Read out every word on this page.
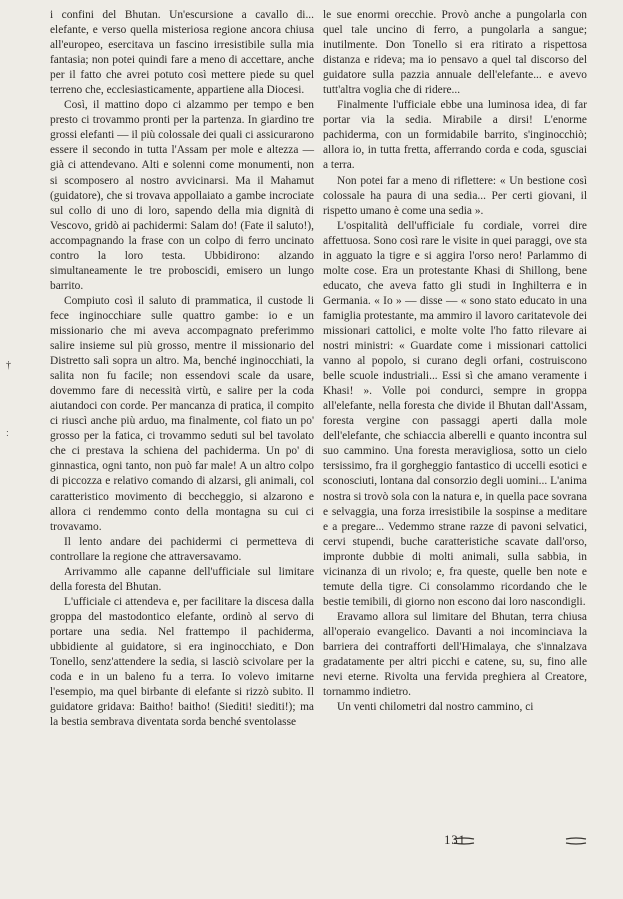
i confini del Bhutan. Un'escursione a cavallo di... elefante, e verso quella misteriosa regione ancora chiusa all'europeo, esercitava un fascino irresistibile sulla mia fantasia; non potei quindi fare a meno di accettare, anche per il fatto che avrei potuto così mettere piede su quel terreno che, ecclesiasticamente, appartiene alla Diocesi.

Così, il mattino dopo ci alzammo per tempo e ben presto ci trovammo pronti per la partenza. In giardino tre grossi elefanti — il più colossale dei quali ci assicurarono essere il secondo in tutta l'Assam per mole e altezza — già ci attendevano. Alti e solenni come monumenti, non si scomposero al nostro avvicinarsi. Ma il Mahamut (guidatore), che si trovava appollaiato a gambe incrociate sul collo di uno di loro, sapendo della mia dignità di Vescovo, gridò ai pachidermi: Salam do! (Fate il saluto!), accompagnando la frase con un colpo di ferro uncinato contro la loro testa. Ubbidirono: alzando simultaneamente le tre proboscidi, emisero un lungo barrito.

Compiuto così il saluto di prammatica, il custode li fece inginocchiare sulle quattro gambe: io e un missionario che mi aveva accompagnato preferimmo salire insieme sul più grosso, mentre il missionario del Distretto salì sopra un altro. Ma, benché inginocchiati, la salita non fu facile; non essendovi scale da usare, dovemmo fare di necessità virtù, e salire per la coda aiutandoci con corde. Per mancanza di pratica, il compito ci riuscì anche più arduo, ma finalmente, col fiato un po' grosso per la fatica, ci trovammo seduti sul bel tavolato che ci prestava la schiena del pachiderma. Un po' di ginnastica, ogni tanto, non può far male! A un altro colpo di piccozza e relativo comando di alzarsi, gli animali, col caratteristico movimento di beccheggio, si alzarono e allora ci rendemmo conto della montagna su cui ci trovavamo.

Il lento andare dei pachidermi ci permetteva di controllare la regione che attraversavamo.

Arrivammo alle capanne dell'ufficiale sul limitare della foresta del Bhutan.

L'ufficiale ci attendeva e, per facilitare la discesa dalla groppa del mastodontico elefante, ordinò al servo di portare una sedia. Nel frattempo il pachiderma, ubbidiente al guidatore, si era inginocchiato, e Don Tonello, senz'attendere la sedia, si lasciò scivolare per la coda e in un baleno fu a terra. Io volevo imitarne l'esempio, ma quel birbante di elefante si rizzò subito. Il guidatore gridava: Baitho! baitho! (Siediti! siediti!); ma la bestia sembrava diventata sorda benché sventolasse

le sue enormi orecchie. Provò anche a pungolarla con quel tale uncino di ferro, a pungolarla a sangue; inutilmente. Don Tonello si era ritirato a rispettosa distanza e rideva; ma io pensavo a quel tal discorso del guidatore sulla pazzia annuale dell'elefante... e avevo tutt'altra voglia che di ridere...

Finalmente l'ufficiale ebbe una luminosa idea, di far portar via la sedia. Mirabile a dirsi! L'enorme pachiderma, con un formidabile barrito, s'inginocchiò; allora io, in tutta fretta, afferrando corda e coda, sgusciai a terra.

Non potei far a meno di riflettere: « Un bestione così colossale ha paura di una sedia... Per certi giovani, il rispetto umano è come una sedia ».

L'ospitalità dell'ufficiale fu cordiale, vorrei dire affettuosa. Sono così rare le visite in quei paraggi, ove sta in agguato la tigre e si aggira l'orso nero! Parlammo di molte cose. Era un protestante Khasi di Shillong, bene educato, che aveva fatto gli studi in Inghilterra e in Germania. « Io » — disse — « sono stato educato in una famiglia protestante, ma ammiro il lavoro caritatevole dei missionari cattolici, e molte volte l'ho fatto rilevare ai nostri ministri: « Guardate come i missionari cattolici vanno al popolo, si curano degli orfani, costruiscono belle scuole industriali... Essi sì che amano veramente i Khasi! ». Volle poi condurci, sempre in groppa all'elefante, nella foresta che divide il Bhutan dall'Assam, foresta vergine con passaggi aperti dalla mole dell'elefante, che schiaccia alberelli e quanto incontra sul suo cammino. Una foresta meravigliosa, sotto un cielo tersissimo, fra il gorgheggio fantastico di uccelli esotici e sconosciuti, lontana dal consorzio degli uomini... L'anima nostra si trovò sola con la natura e, in quella pace sovrana e selvaggia, una forza irresistibile la sospinse a meditare e a pregare... Vedemmo strane razze di pavoni selvatici, cervi stupendi, buche caratteristiche scavate dall'orso, impronte dubbie di molti animali, sulla sabbia, in vicinanza di un rivolo; e, fra queste, quelle ben note e temute della tigre. Ci consolammo ricordando che le bestie temibili, di giorno non escono dai loro nascondigli.

Eravamo allora sul limitare del Bhutan, terra chiusa all'operaio evangelico. Davanti a noi incominciava la barriera dei contrafforti dell'Himalaya, che s'innalzava gradatamente per altri picchi e catene, su, su, fino alle nevi eterne. Rivolta una fervida preghiera al Creatore, tornammo indietro.

Un venti chilometri dal nostro cammino, ci

†
ː
131
